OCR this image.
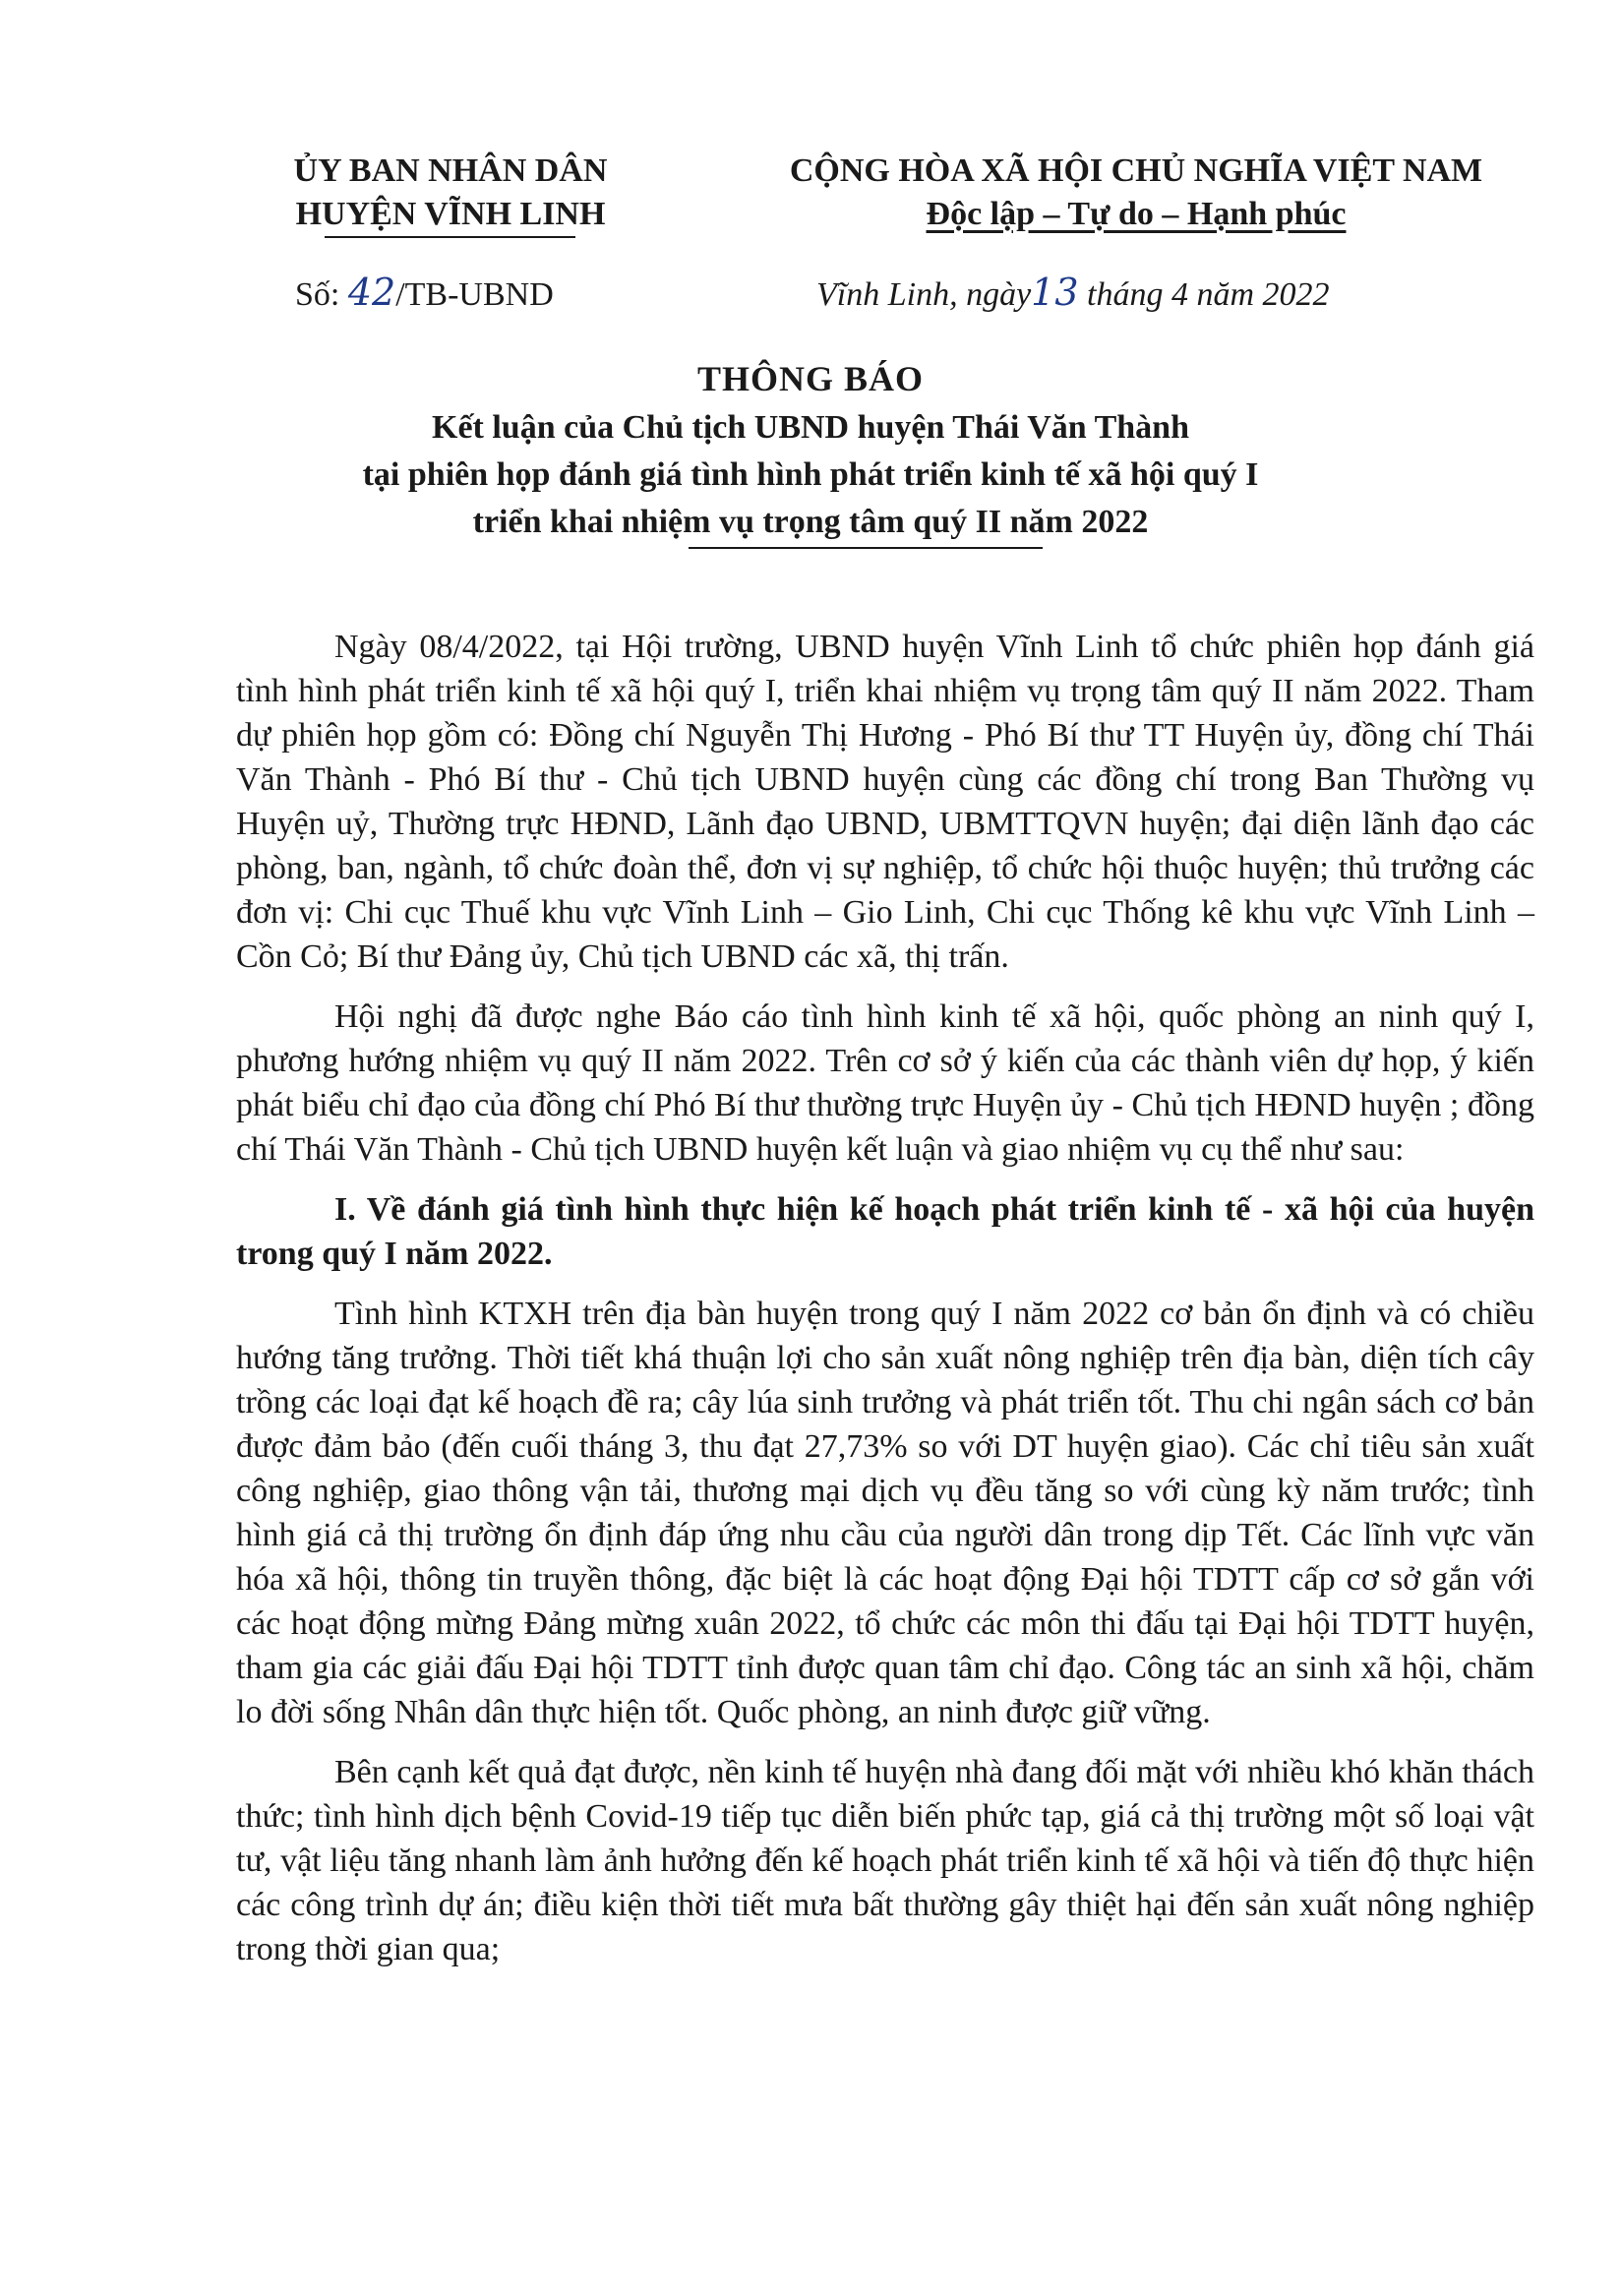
ỦY BAN NHÂN DÂN
HUYỆN VĨNH LINH
CỘNG HÒA XÃ HỘI CHỦ NGHĨA VIỆT NAM
Độc lập – Tự do – Hạnh phúc
Số: 42/TB-UBND	Vĩnh Linh, ngày13 tháng 4 năm 2022
THÔNG BÁO
Kết luận của Chủ tịch UBND huyện Thái Văn Thành
tại phiên họp đánh giá tình hình phát triển kinh tế xã hội quý I
triển khai nhiệm vụ trọng tâm quý II năm 2022

Ngày 08/4/2022, tại Hội trường, UBND huyện Vĩnh Linh tổ chức phiên họp đánh giá tình hình phát triển kinh tế xã hội quý I, triển khai nhiệm vụ trọng tâm quý II năm 2022. Tham dự phiên họp gồm có: Đồng chí Nguyễn Thị Hương - Phó Bí thư TT Huyện ủy, đồng chí Thái Văn Thành - Phó Bí thư - Chủ tịch UBND huyện cùng các đồng chí trong Ban Thường vụ Huyện uỷ, Thường trực HĐND, Lãnh đạo UBND, UBMTTQVN huyện; đại diện lãnh đạo các phòng, ban, ngành, tổ chức đoàn thể, đơn vị sự nghiệp, tổ chức hội thuộc huyện; thủ trưởng các đơn vị: Chi cục Thuế khu vực Vĩnh Linh – Gio Linh, Chi cục Thống kê khu vực Vĩnh Linh – Cồn Cỏ; Bí thư Đảng ủy, Chủ tịch UBND các xã, thị trấn.

Hội nghị đã được nghe Báo cáo tình hình kinh tế xã hội, quốc phòng an ninh quý I, phương hướng nhiệm vụ quý II năm 2022. Trên cơ sở ý kiến của các thành viên dự họp, ý kiến phát biểu chỉ đạo của đồng chí Phó Bí thư thường trực Huyện ủy - Chủ tịch HĐND huyện ; đồng chí Thái Văn Thành - Chủ tịch UBND huyện kết luận và giao nhiệm vụ cụ thể như sau:

I. Về đánh giá tình hình thực hiện kế hoạch phát triển kinh tế - xã hội của huyện trong quý I năm 2022.

Tình hình KTXH trên địa bàn huyện trong quý I năm 2022 cơ bản ổn định và có chiều hướng tăng trưởng. Thời tiết khá thuận lợi cho sản xuất nông nghiệp trên địa bàn, diện tích cây trồng các loại đạt kế hoạch đề ra; cây lúa sinh trưởng và phát triển tốt. Thu chi ngân sách cơ bản được đảm bảo (đến cuối tháng 3, thu đạt 27,73% so với DT huyện giao). Các chỉ tiêu sản xuất công nghiệp, giao thông vận tải, thương mại dịch vụ đều tăng so với cùng kỳ năm trước; tình hình giá cả thị trường ổn định đáp ứng nhu cầu của người dân trong dịp Tết. Các lĩnh vực văn hóa xã hội, thông tin truyền thông, đặc biệt là các hoạt động Đại hội TDTT cấp cơ sở gắn với các hoạt động mừng Đảng mừng xuân 2022, tổ chức các môn thi đấu tại Đại hội TDTT huyện, tham gia các giải đấu Đại hội TDTT tỉnh được quan tâm chỉ đạo. Công tác an sinh xã hội, chăm lo đời sống Nhân dân thực hiện tốt. Quốc phòng, an ninh được giữ vững.

Bên cạnh kết quả đạt được, nền kinh tế huyện nhà đang đối mặt với nhiều khó khăn thách thức; tình hình dịch bệnh Covid-19 tiếp tục diễn biến phức tạp, giá cả thị trường một số loại vật tư, vật liệu tăng nhanh làm ảnh hưởng đến kế hoạch phát triển kinh tế xã hội và tiến độ thực hiện các công trình dự án; điều kiện thời tiết mưa bất thường gây thiệt hại đến sản xuất nông nghiệp trong thời gian qua;
